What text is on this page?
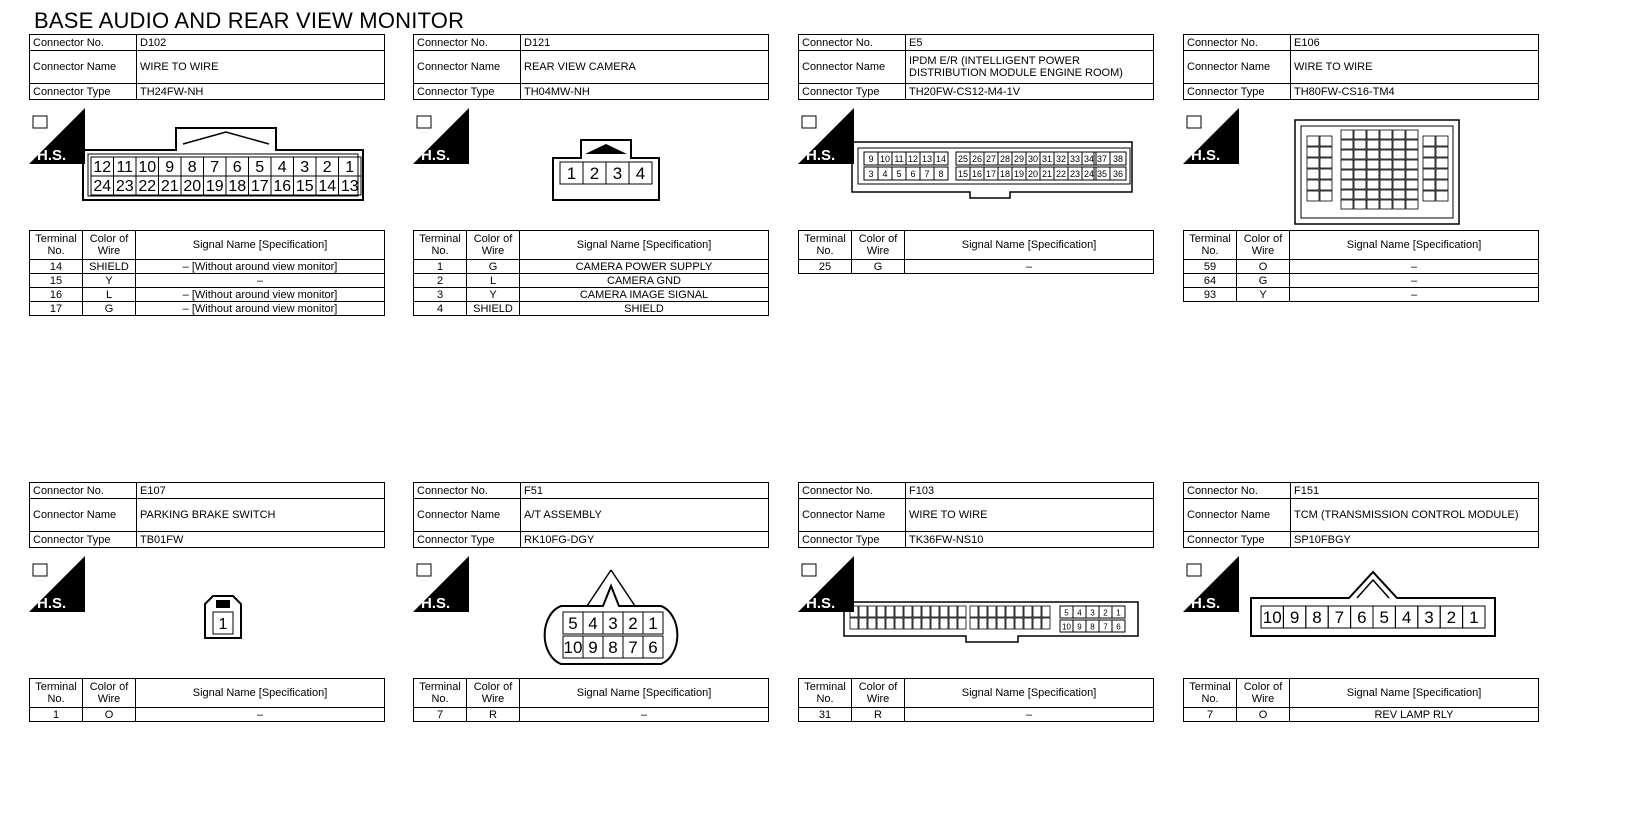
BASE AUDIO AND REAR VIEW MONITOR
Connector No.	D102
Connector Name	WIRE TO WIRE
Connector Type	TH24FW-NH
H.S.
12 11 10 9 8 7 6 5 4 3 2 1
24 23 22 21 20 19 18 17 16 15 14 13
Terminal No.	Color of Wire	Signal Name [Specification]
14	SHIELD	– [Without around view monitor]
15	Y	–
16	L	– [Without around view monitor]
17	G	– [Without around view monitor]
Connector No.	D121
Connector Name	REAR VIEW CAMERA
Connector Type	TH04MW-NH
H.S.
1 2 3 4
Terminal No.	Color of Wire	Signal Name [Specification]
1	G	CAMERA POWER SUPPLY
2	L	CAMERA GND
3	Y	CAMERA IMAGE SIGNAL
4	SHIELD	SHIELD
Connector No.	E5
Connector Name	IPDM E/R (INTELLIGENT POWER DISTRIBUTION MODULE ENGINE ROOM)
Connector Type	TH20FW-CS12-M4-1V
H.S.	9 10 11 12 13 14 25 26 27 28 29 30 31 32 33 34 37 38
3 4 5 6 7 8 15 16 17 18 19 20 21 22 23 24 35 36
Terminal No.	Color of Wire	Signal Name [Specification]
25	G	–
Connector No.	E106
Connector Name	WIRE TO WIRE
Connector Type	TH80FW-CS16-TM4
H.S.
Terminal No.	Color of Wire	Signal Name [Specification]
59	O	–
64	G	–
93	Y	–
Connector No.	E107
Connector Name	PARKING BRAKE SWITCH
Connector Type	TB01FW
H.S.
1
Terminal No.	Color of Wire	Signal Name [Specification]
1	O	–
Connector No.	F51
Connector Name	A/T ASSEMBLY
Connector Type	RK10FG-DGY
H.S.
5 4 3 2 1
10 9 8 7 6
Terminal No.	Color of Wire	Signal Name [Specification]
7	R	–
Connector No.	F103
Connector Name	WIRE TO WIRE
Connector Type	TK36FW-NS10
H.S.
5 4 3 2 1
10 9 8 7 6
Terminal No.	Color of Wire	Signal Name [Specification]
31	R	–
Connector No.	F151
Connector Name	TCM (TRANSMISSION CONTROL MODULE)
Connector Type	SP10FBGY
H.S.
10 9 8 7 6 5 4 3 2 1
Terminal No.	Color of Wire	Signal Name [Specification]
7	O	REV LAMP RLY
